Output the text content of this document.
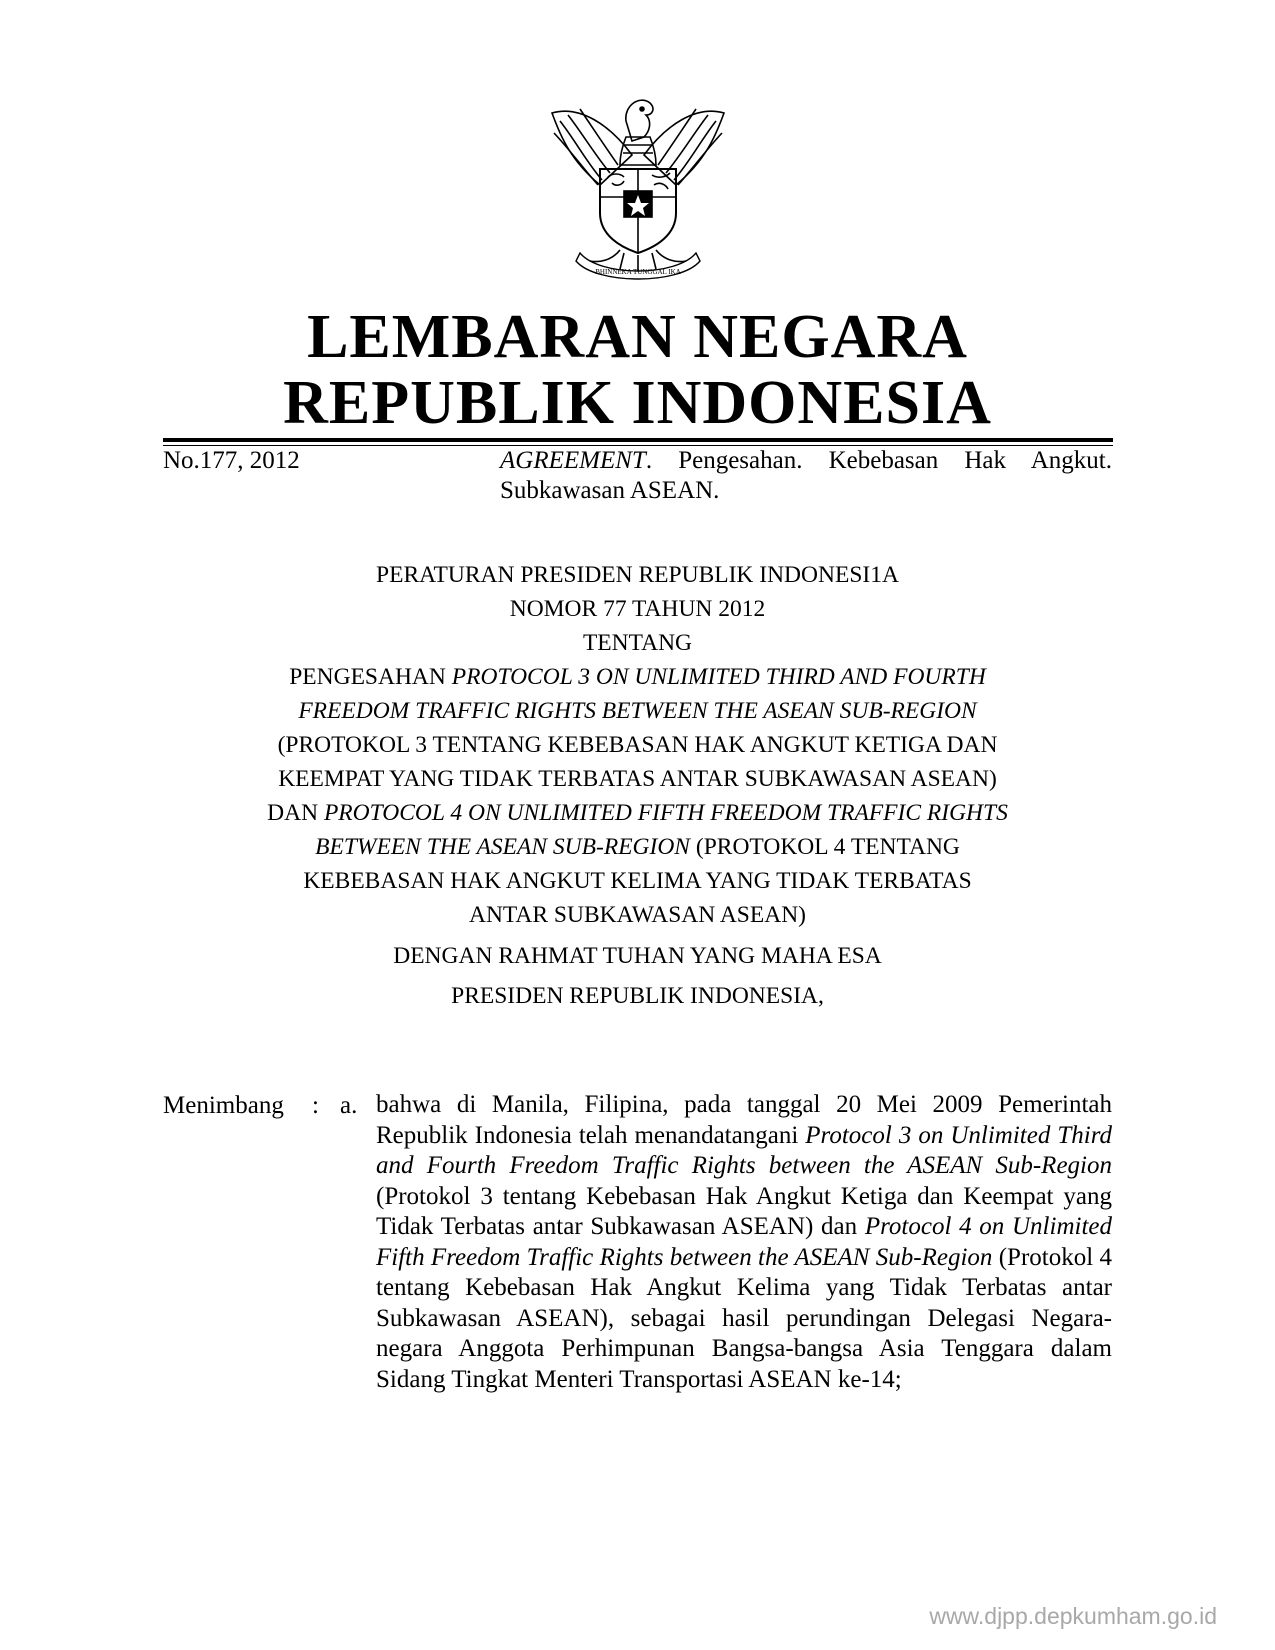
BHINNEKA TUNGGAL IKA
LEMBARAN NEGARA
REPUBLIK INDONESIA
No.177, 2012	AGREEMENT. Pengesahan. Kebebasan Hak Angkut. Subkawasan ASEAN.
PERATURAN PRESIDEN REPUBLIK INDONESI1A
NOMOR 77 TAHUN 2012
TENTANG
PENGESAHAN PROTOCOL 3 ON UNLIMITED THIRD AND FOURTH
FREEDOM TRAFFIC RIGHTS BETWEEN THE ASEAN SUB-REGION
(PROTOKOL 3 TENTANG KEBEBASAN HAK ANGKUT KETIGA DAN
KEEMPAT YANG TIDAK TERBATAS ANTAR SUBKAWASAN ASEAN)
DAN PROTOCOL 4 ON UNLIMITED FIFTH FREEDOM TRAFFIC RIGHTS
BETWEEN THE ASEAN SUB-REGION (PROTOKOL 4 TENTANG
KEBEBASAN HAK ANGKUT KELIMA YANG TIDAK TERBATAS
ANTAR SUBKAWASAN ASEAN)
DENGAN RAHMAT TUHAN YANG MAHA ESA
PRESIDEN REPUBLIK INDONESIA,
Menimbang : a. bahwa di Manila, Filipina, pada tanggal 20 Mei 2009 Pemerintah Republik Indonesia telah menandatangani Protocol 3 on Unlimited Third and Fourth Freedom Traffic Rights between the ASEAN Sub-Region (Protokol 3 tentang Kebebasan Hak Angkut Ketiga dan Keempat yang Tidak Terbatas antar Subkawasan ASEAN) dan Protocol 4 on Unlimited Fifth Freedom Traffic Rights between the ASEAN Sub-Region (Protokol 4 tentang Kebebasan Hak Angkut Kelima yang Tidak Terbatas antar Subkawasan ASEAN), sebagai hasil perundingan Delegasi Negara-negara Anggota Perhimpunan Bangsa-bangsa Asia Tenggara dalam Sidang Tingkat Menteri Transportasi ASEAN ke-14;
www.djpp.depkumham.go.id
